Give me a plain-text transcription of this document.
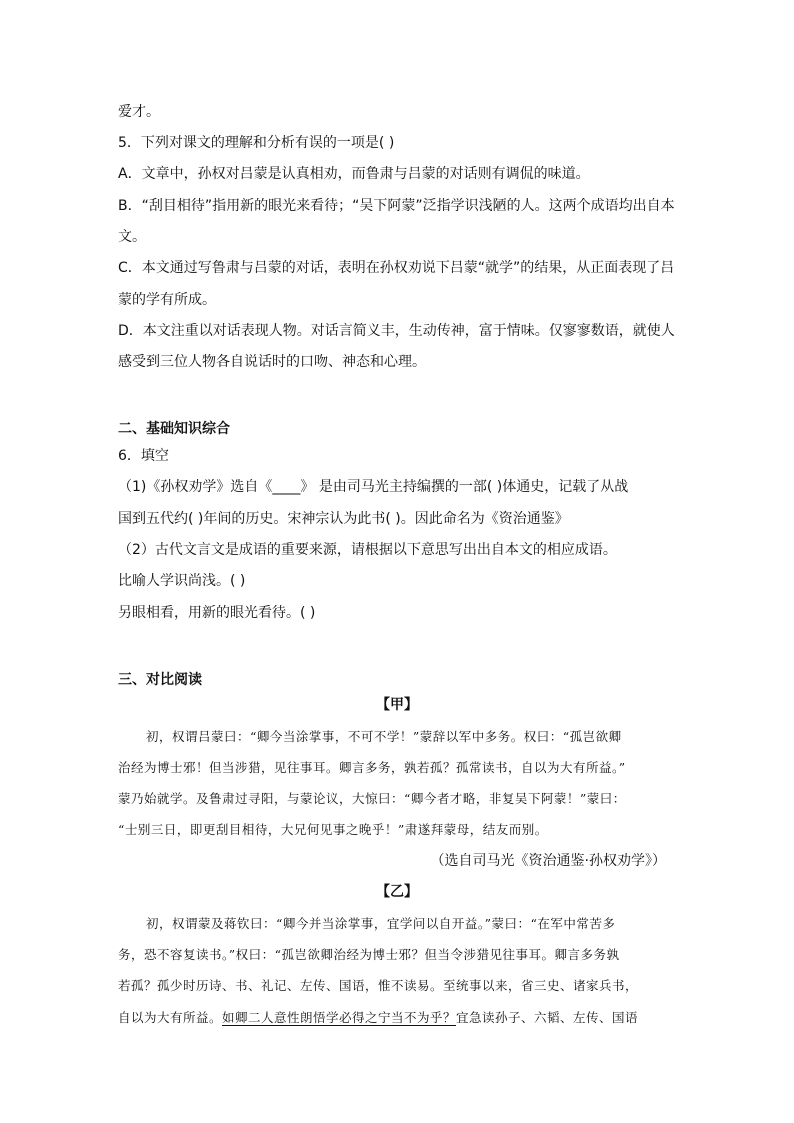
爱才。
5．下列对课文的理解和分析有误的一项是( )
A．文章中，孙权对吕蒙是认真相劝，而鲁肃与吕蒙的对话则有调侃的味道。
B．“刮目相待”指用新的眼光来看待；“吴下阿蒙”泛指学识浅陋的人。这两个成语均出自本
文。
C．本文通过写鲁肃与吕蒙的对话，表明在孙权劝说下吕蒙“就学”的结果，从正面表现了吕
蒙的学有所成。
D．本文注重以对话表现人物。对话言简义丰，生动传神，富于情味。仅寥寥数语，就使人
感受到三位人物各自说话时的口吻、神态和心理。
二、基础知识综合
6．填空
（1)《孙权劝学》选自《____》 是由司马光主持编撰的一部( )体通史，记载了从战
国到五代约( )年间的历史。宋神宗认为此书( )。因此命名为《资治通鉴》
（2）古代文言文是成语的重要来源，请根据以下意思写出出自本文的相应成语。
比喻人学识尚浅。( )
另眼相看，用新的眼光看待。( )
三、对比阅读
【甲】
初，权谓吕蒙曰：“卿今当涂掌事，不可不学！”蒙辞以军中多务。权曰：“孤岂欲卿
治经为博士邪！但当涉猎，见往事耳。卿言多务，孰若孤？孤常读书，自以为大有所益。”
蒙乃始就学。及鲁肃过寻阳，与蒙论议，大惊曰：“卿今者才略，非复吴下阿蒙！”蒙曰：
“士别三日，即更刮目相待，大兄何见事之晚乎！”肃遂拜蒙母，结友而别。
（选自司马光《资治通鉴·孙权劝学》）
【乙】
初，权谓蒙及蒋钦曰：“卿今并当涂掌事，宜学问以自开益。”蒙曰：“在军中常苦多
务，恐不容复读书。”权曰：“孤岂欲卿治经为博士邪？但当令涉猎见往事耳。卿言多务孰
若孤？孤少时历诗、书、礼记、左传、国语，惟不读易。至统事以来，省三史、诸家兵书，
自以为大有所益。如卿二人意性朗悟学必得之宁当不为乎？宜急读孙子、六韬、左传、国语
